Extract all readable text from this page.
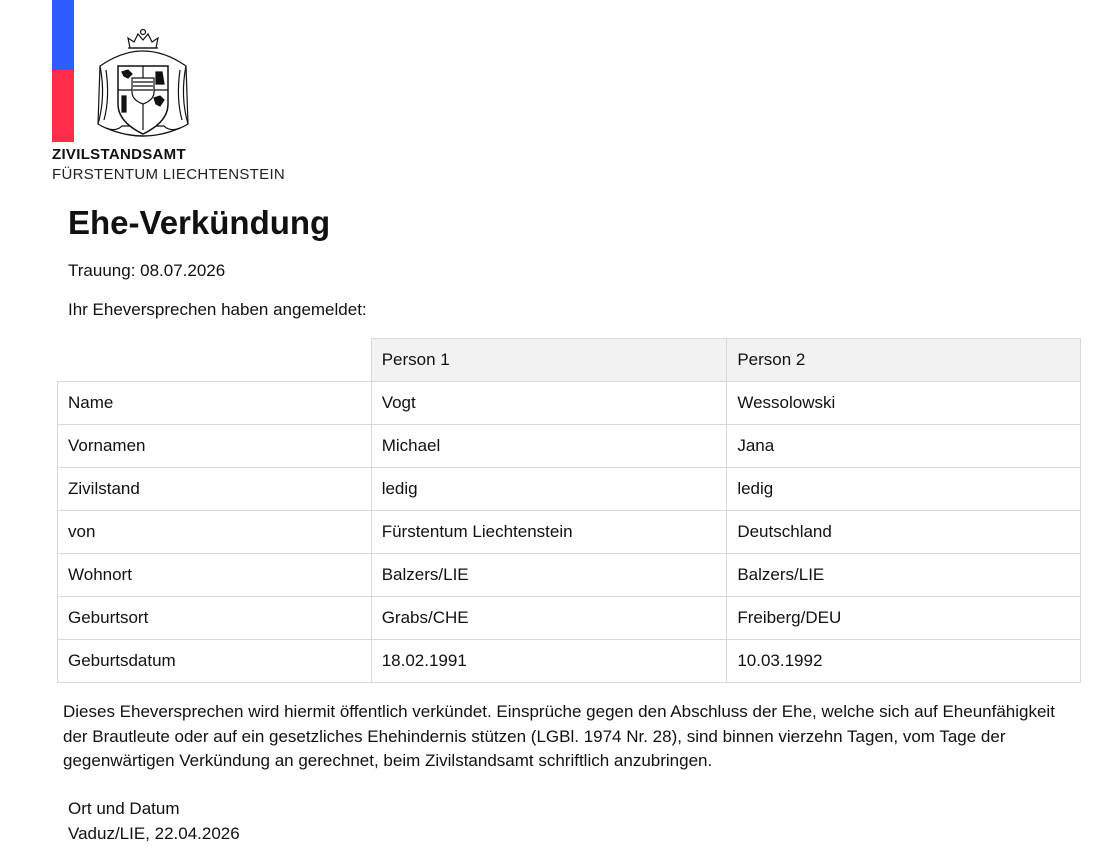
ZIVILSTANDSAMT
FÜRSTENTUM LIECHTENSTEIN
Ehe-Verkündung
Trauung: 08.07.2026
Ihr Eheversprechen haben angemeldet:
	Person 1	Person 2
Name	Vogt	Wessolowski
Vornamen	Michael	Jana
Zivilstand	ledig	ledig
von	Fürstentum Liechtenstein	Deutschland
Wohnort	Balzers/LIE	Balzers/LIE
Geburtsort	Grabs/CHE	Freiberg/DEU
Geburtsdatum	18.02.1991	10.03.1992
Dieses Eheversprechen wird hiermit öffentlich verkündet. Einsprüche gegen den Abschluss der Ehe, welche sich auf Eheunfähigkeit der Brautleute oder auf ein gesetzliches Ehehindernis stützen (LGBl. 1974 Nr. 28), sind binnen vierzehn Tagen, vom Tage der gegenwärtigen Verkündung an gerechnet, beim Zivilstandsamt schriftlich anzubringen.
Ort und Datum
Vaduz/LIE, 22.04.2026
